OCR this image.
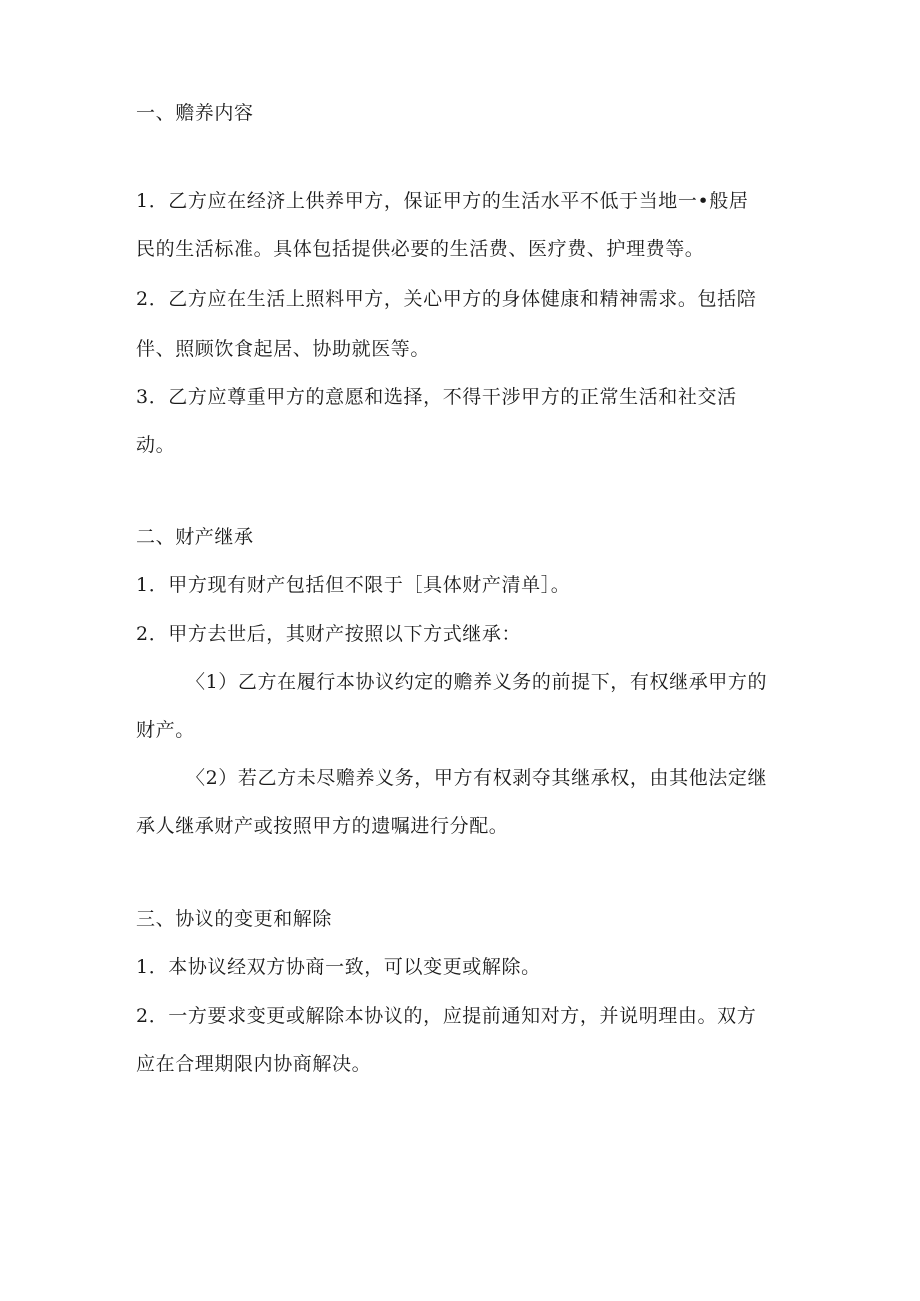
一、赡养内容
1．乙方应在经济上供养甲方，保证甲方的生活水平不低于当地一•般居
民的生活标准。具体包括提供必要的生活费、医疗费、护理费等。
2．乙方应在生活上照料甲方，关心甲方的身体健康和精神需求。包括陪
伴、照顾饮食起居、协助就医等。
3．乙方应尊重甲方的意愿和选择，不得干涉甲方的正常生活和社交活
动。
二、财产继承
1．甲方现有财产包括但不限于［具体财产清单］。
2．甲方去世后，其财产按照以下方式继承：
〈1）乙方在履行本协议约定的赡养义务的前提下，有权继承甲方的
财产。
〈2）若乙方未尽赡养义务，甲方有权剥夺其继承权，由其他法定继
承人继承财产或按照甲方的遗嘱进行分配。
三、协议的变更和解除
1．本协议经双方协商一致，可以变更或解除。
2．一方要求变更或解除本协议的，应提前通知对方，并说明理由。双方
应在合理期限内协商解决。
